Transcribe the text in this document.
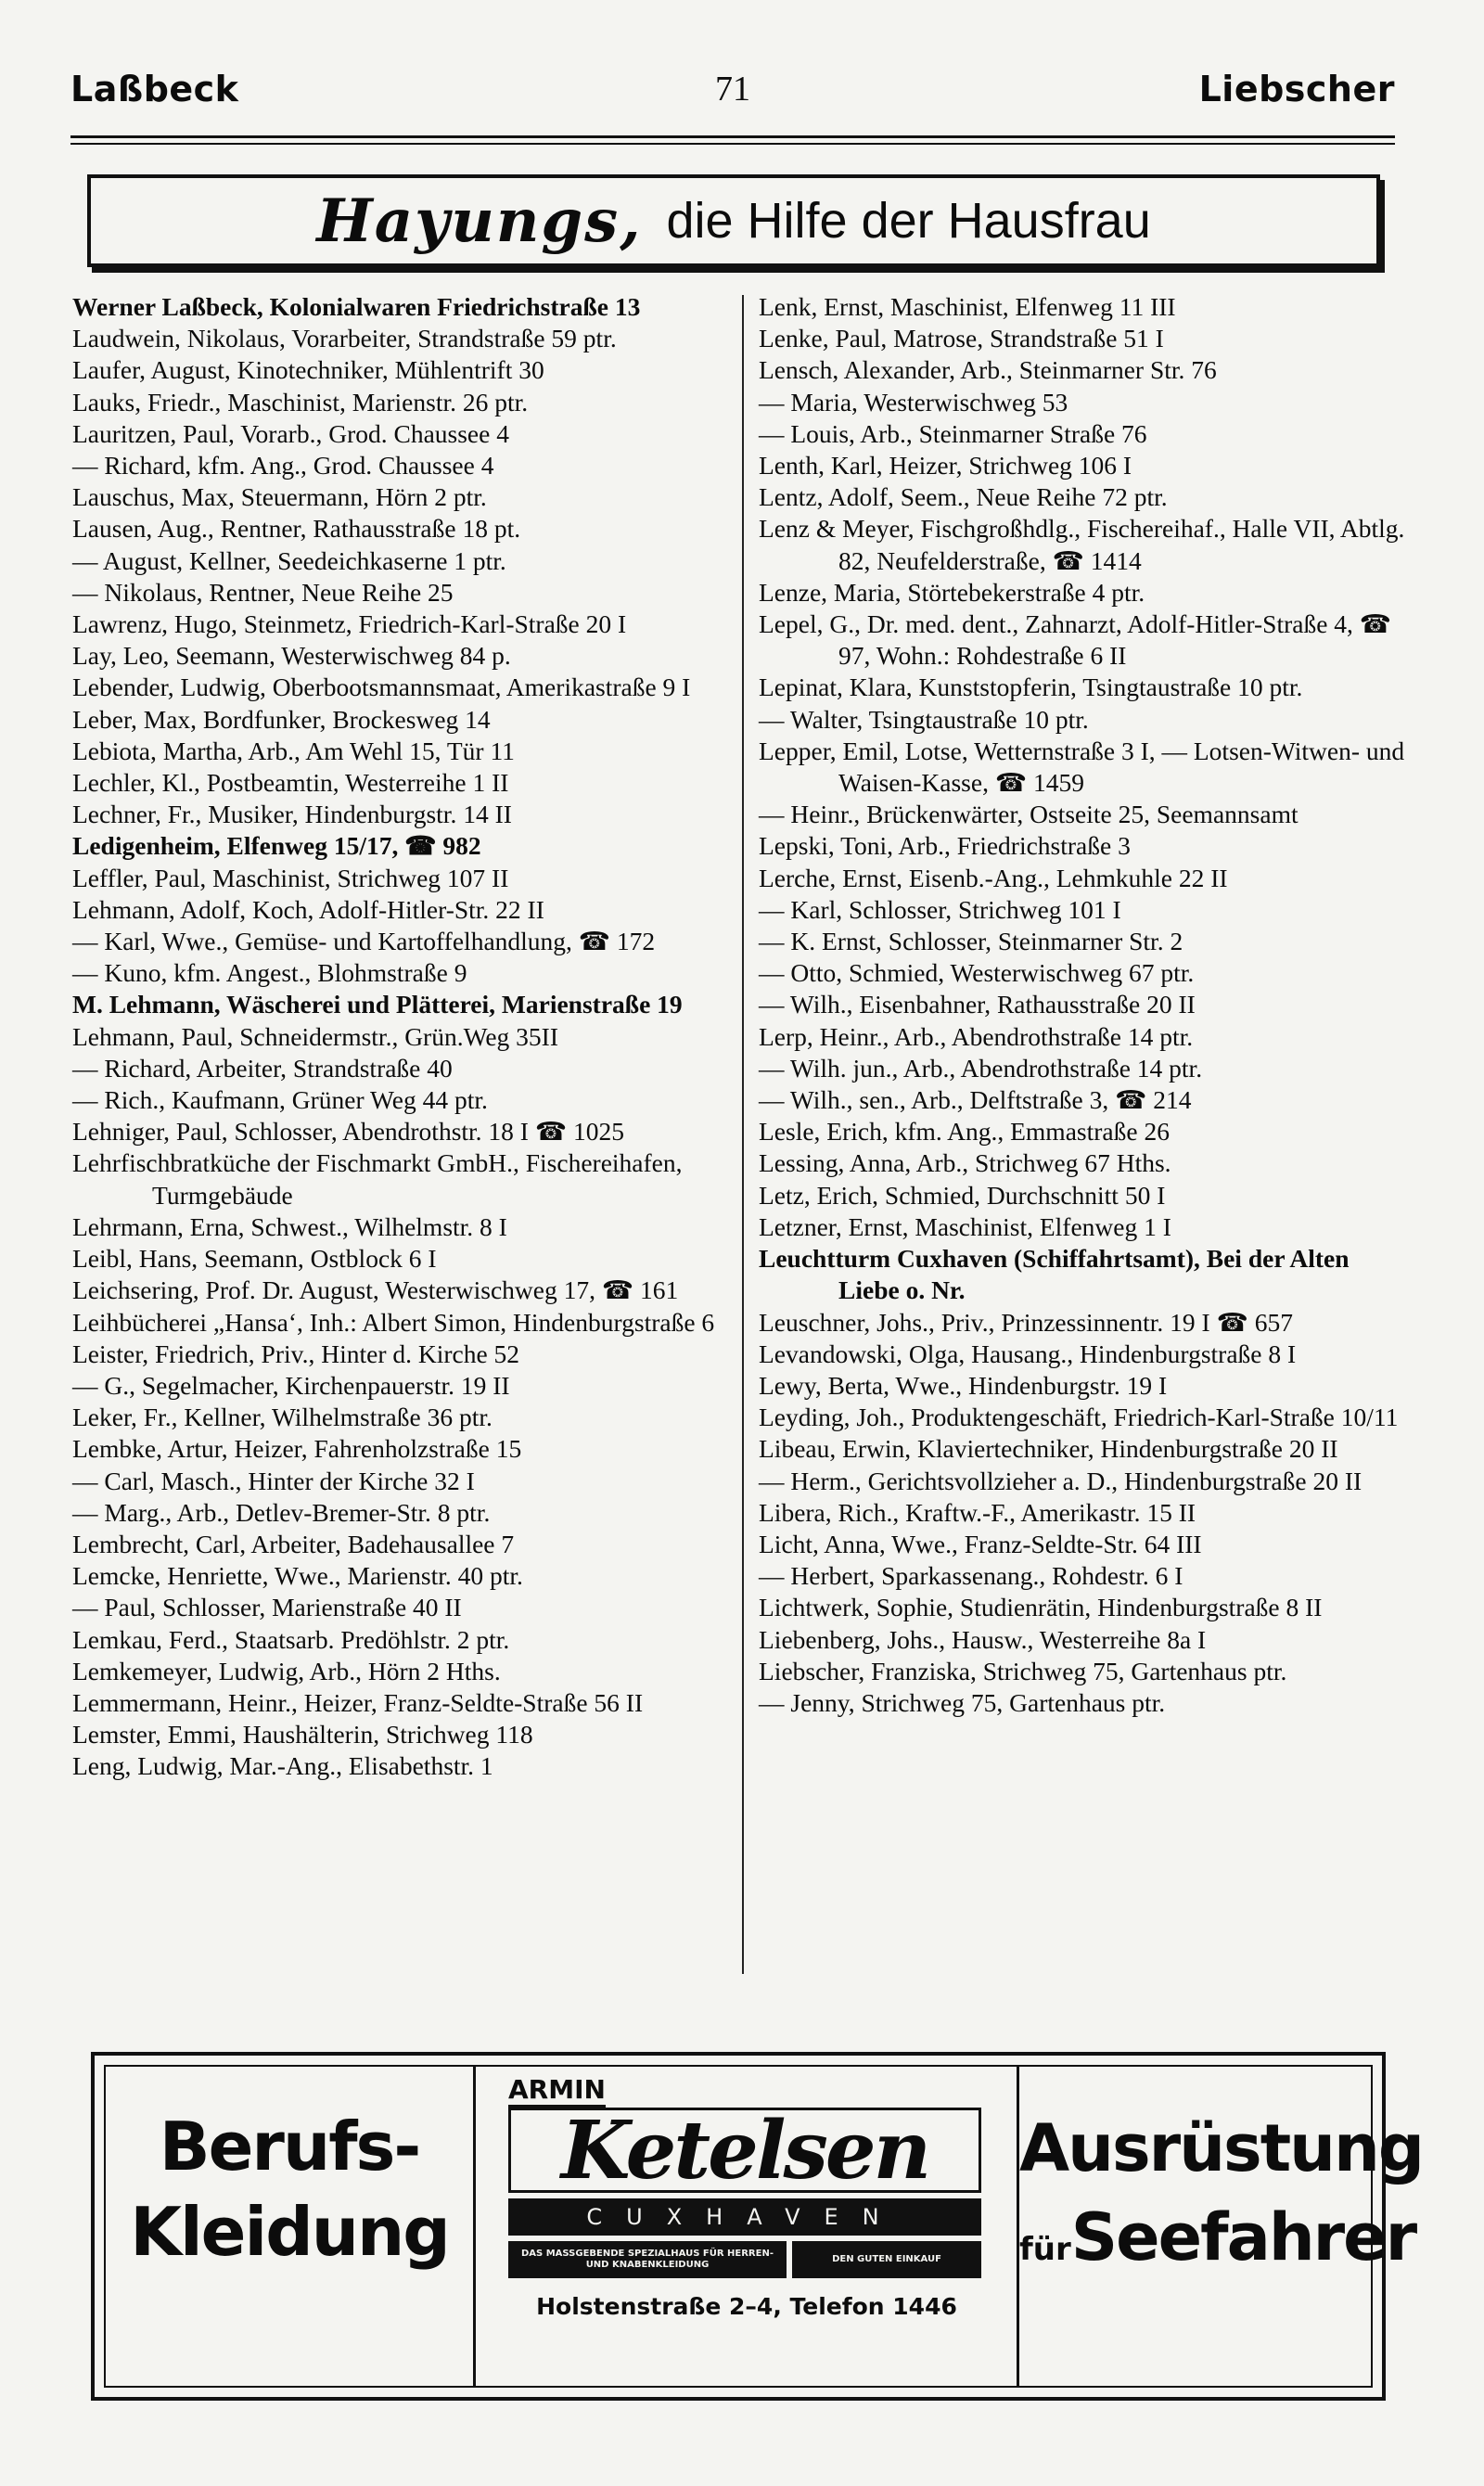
Laßbeck	71	Liebscher
Hayungs, die Hilfe der Hausfrau
Werner Laßbeck, Kolonialwaren Friedrichstraße 13
Laudwein, Nikolaus, Vorarbeiter, Strandstraße 59 ptr.
Laufer, August, Kinotechniker, Mühlentrift 30
Lauks, Friedr., Maschinist, Marienstr. 26 ptr.
Lauritzen, Paul, Vorarb., Grod. Chaussee 4
— Richard, kfm. Ang., Grod. Chaussee 4
Lauschus, Max, Steuermann, Hörn 2 ptr.
Lausen, Aug., Rentner, Rathausstraße 18 pt.
— August, Kellner, Seedeichkaserne 1 ptr.
— Nikolaus, Rentner, Neue Reihe 25
Lawrenz, Hugo, Steinmetz, Friedrich-Karl-Straße 20 I
Lay, Leo, Seemann, Westerwischweg 84 p.
Lebender, Ludwig, Oberbootsmannsmaat, Amerikastraße 9 I
Leber, Max, Bordfunker, Brockesweg 14
Lebiota, Martha, Arb., Am Wehl 15, Tür 11
Lechler, Kl., Postbeamtin, Westerreihe 1 II
Lechner, Fr., Musiker, Hindenburgstr. 14 II
Ledigenheim, Elfenweg 15/17, ☎ 982
Leffler, Paul, Maschinist, Strichweg 107 II
Lehmann, Adolf, Koch, Adolf-Hitler-Str. 22 II
— Karl, Wwe., Gemüse- und Kartoffelhandlung, ☎ 172
— Kuno, kfm. Angest., Blohmstraße 9
M. Lehmann, Wäscherei und Plätterei, Marienstraße 19
Lehmann, Paul, Schneidermstr., Grün.Weg 35II
— Richard, Arbeiter, Strandstraße 40
— Rich., Kaufmann, Grüner Weg 44 ptr.
Lehniger, Paul, Schlosser, Abendrothstr. 18 I ☎ 1025
Lehrfischbratküche der Fischmarkt GmbH., Fischereihafen, Turmgebäude
Lehrmann, Erna, Schwest., Wilhelmstr. 8 I
Leibl, Hans, Seemann, Ostblock 6 I
Leichsering, Prof. Dr. August, Westerwischweg 17, ☎ 161
Leihbücherei „Hansa‘, Inh.: Albert Simon, Hindenburgstraße 6
Leister, Friedrich, Priv., Hinter d. Kirche 52
— G., Segelmacher, Kirchenpauerstr. 19 II
Leker, Fr., Kellner, Wilhelmstraße 36 ptr.
Lembke, Artur, Heizer, Fahrenholzstraße 15
— Carl, Masch., Hinter der Kirche 32 I
— Marg., Arb., Detlev-Bremer-Str. 8 ptr.
Lembrecht, Carl, Arbeiter, Badehausallee 7
Lemcke, Henriette, Wwe., Marienstr. 40 ptr.
— Paul, Schlosser, Marienstraße 40 II
Lemkau, Ferd., Staatsarb. Predöhlstr. 2 ptr.
Lemkemeyer, Ludwig, Arb., Hörn 2 Hths.
Lemmermann, Heinr., Heizer, Franz-Seldte-Straße 56 II
Lemster, Emmi, Haushälterin, Strichweg 118
Leng, Ludwig, Mar.-Ang., Elisabethstr. 1
Lenk, Ernst, Maschinist, Elfenweg 11 III
Lenke, Paul, Matrose, Strandstraße 51 I
Lensch, Alexander, Arb., Steinmarner Str. 76
— Maria, Westerwischweg 53
— Louis, Arb., Steinmarner Straße 76
Lenth, Karl, Heizer, Strichweg 106 I
Lentz, Adolf, Seem., Neue Reihe 72 ptr.
Lenz & Meyer, Fischgroßhdlg., Fischereihaf., Halle VII, Abtlg. 82, Neufelderstraße, ☎ 1414
Lenze, Maria, Störtebekerstraße 4 ptr.
Lepel, G., Dr. med. dent., Zahnarzt, Adolf-Hitler-Straße 4, ☎ 97, Wohn.: Rohdestraße 6 II
Lepinat, Klara, Kunststopferin, Tsingtaustraße 10 ptr.
— Walter, Tsingtaustraße 10 ptr.
Lepper, Emil, Lotse, Wetternstraße 3 I, — Lotsen-Witwen- und Waisen-Kasse, ☎ 1459
— Heinr., Brückenwärter, Ostseite 25, Seemannsamt
Lepski, Toni, Arb., Friedrichstraße 3
Lerche, Ernst, Eisenb.-Ang., Lehmkuhle 22 II
— Karl, Schlosser, Strichweg 101 I
— K. Ernst, Schlosser, Steinmarner Str. 2
— Otto, Schmied, Westerwischweg 67 ptr.
— Wilh., Eisenbahner, Rathausstraße 20 II
Lerp, Heinr., Arb., Abendrothstraße 14 ptr.
— Wilh. jun., Arb., Abendrothstraße 14 ptr.
— Wilh., sen., Arb., Delftstraße 3, ☎ 214
Lesle, Erich, kfm. Ang., Emmastraße 26
Lessing, Anna, Arb., Strichweg 67 Hths.
Letz, Erich, Schmied, Durchschnitt 50 I
Letzner, Ernst, Maschinist, Elfenweg 1 I
Leuchtturm Cuxhaven (Schiffahrtsamt), Bei der Alten Liebe o. Nr.
Leuschner, Johs., Priv., Prinzessinnentr. 19 I ☎ 657
Levandowski, Olga, Hausang., Hindenburgstraße 8 I
Lewy, Berta, Wwe., Hindenburgstr. 19 I
Leyding, Joh., Produktengeschäft, Friedrich-Karl-Straße 10/11
Libeau, Erwin, Klaviertechniker, Hindenburgstraße 20 II
— Herm., Gerichtsvollzieher a. D., Hindenburgstraße 20 II
Libera, Rich., Kraftw.-F., Amerikastr. 15 II
Licht, Anna, Wwe., Franz-Seldte-Str. 64 III
— Herbert, Sparkassenang., Rohdestr. 6 I
Lichtwerk, Sophie, Studienrätin, Hindenburgstraße 8 II
Liebenberg, Johs., Hausw., Westerreihe 8a I
Liebscher, Franziska, Strichweg 75, Gartenhaus ptr.
— Jenny, Strichweg 75, Gartenhaus ptr.
Berufs-
Kleidung
ARMIN
Ketelsen
CUXHAVEN
DAS MASSGEBENDE SPEZIALHAUS FÜR HERREN- UND KNABENKLEIDUNG
DEN GUTEN EINKAUF
Holstenstraße 2–4, Telefon 1446
Ausrüstung
fürSeefahrer
